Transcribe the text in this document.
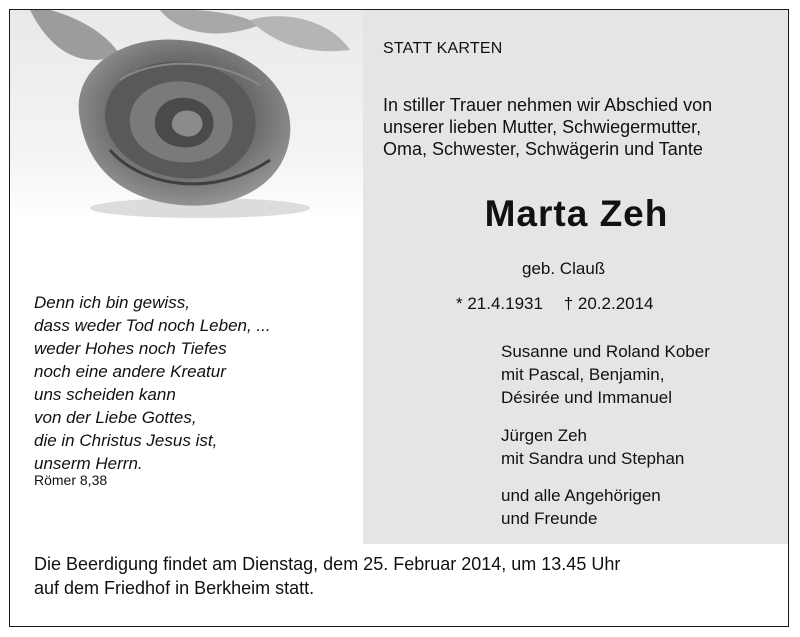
STATT KARTEN
In stiller Trauer nehmen wir Abschied von
unserer lieben Mutter, Schwiegermutter,
Oma, Schwester, Schwägerin und Tante
Marta Zeh
geb. Clauß
* 21.4.1931 † 20.2.2014
Susanne und Roland Kober
mit Pascal, Benjamin,
Désirée und Immanuel
Jürgen Zeh
mit Sandra und Stephan
und alle Angehörigen
und Freunde
Denn ich bin gewiss,
dass weder Tod noch Leben, ...
weder Hohes noch Tiefes
noch eine andere Kreatur
uns scheiden kann
von der Liebe Gottes,
die in Christus Jesus ist,
unserm Herrn.
Römer 8,38
Die Beerdigung findet am Dienstag, dem 25. Februar 2014, um 13.45 Uhr
auf dem Friedhof in Berkheim statt.
